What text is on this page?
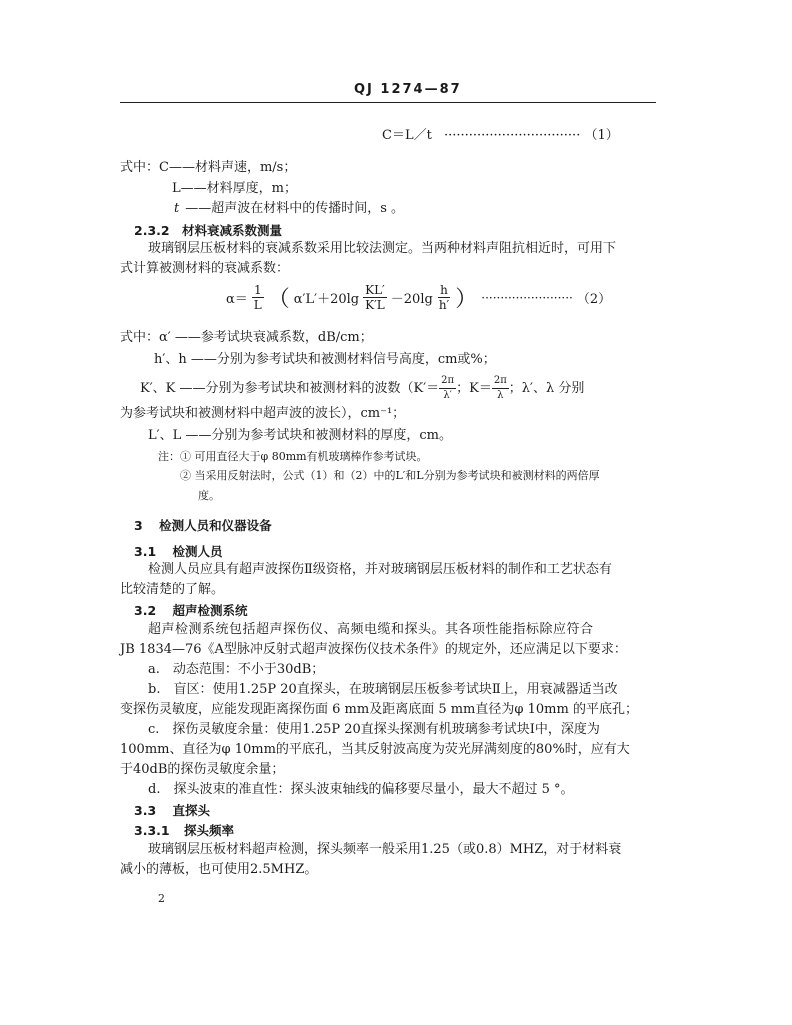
QJ 1274—87
C＝L／t ································· （1）
式中：C——材料声速，m/s；
L——材料厚度，m；
t ——超声波在材料中的传播时间，s 。
2.3.2 材料衰减系数测量
玻璃钢层压板材料的衰减系数采用比较法测定。当两种材料声阻抗相近时，可用下
式计算被测材料的衰减系数：
$\alpha= \frac{1}{L}$ （ $\alpha'L'+20\lg \frac{KL'}{K'L} -20\lg \frac{h}{h'}$ ） ························ （2）
式中：α′ ——参考试块衰减系数，dB/cm；
h′、h ——分别为参考试块和被测材料信号高度，cm或%；
K′、K ——分别为参考试块和被测材料的波数（$K'= \frac{2\pi}{\lambda'}$ ；$K= \frac{2\pi}{\lambda}$ ；λ′、λ 分别
为参考试块和被测材料中超声波的波长），cm⁻¹；
L′、L ——分别为参考试块和被测材料的厚度，cm。
注：① 可用直径大于φ 80mm有机玻璃棒作参考试块。
② 当采用反射法时，公式（1）和（2）中的L′和L分别为参考试块和被测材料的两倍厚
度。
3 检测人员和仪器设备
3.1 检测人员
检测人员应具有超声波探伤Ⅱ级资格，并对玻璃钢层压板材料的制作和工艺状态有
比较清楚的了解。
3.2 超声检测系统
超声检测系统包括超声探伤仪、高频电缆和探头。其各项性能指标除应符合
JB 1834—76《A型脉冲反射式超声波探伤仪技术条件》的规定外，还应满足以下要求：
a.　动态范围：不小于30dB；
b.　盲区：使用1.25P 20直探头，在玻璃钢层压板参考试块Ⅱ上，用衰减器适当改
变探伤灵敏度，应能发现距离探伤面 6 mm及距离底面 5 mm直径为φ 10mm 的平底孔；
c.　探伤灵敏度余量：使用1.25P 20直探头探测有机玻璃参考试块Ⅰ中，深度为
100mm、直径为φ 10mm的平底孔，当其反射波高度为荧光屏满刻度的80%时，应有大
于40dB的探伤灵敏度余量；
d.　探头波束的准直性：探头波束轴线的偏移要尽量小，最大不超过 5 °。
3.3 直探头
3.3.1 探头频率
玻璃钢层压板材料超声检测，探头频率一般采用1.25（或0.8）MHZ，对于材料衰
减小的薄板，也可使用2.5MHZ。
2
